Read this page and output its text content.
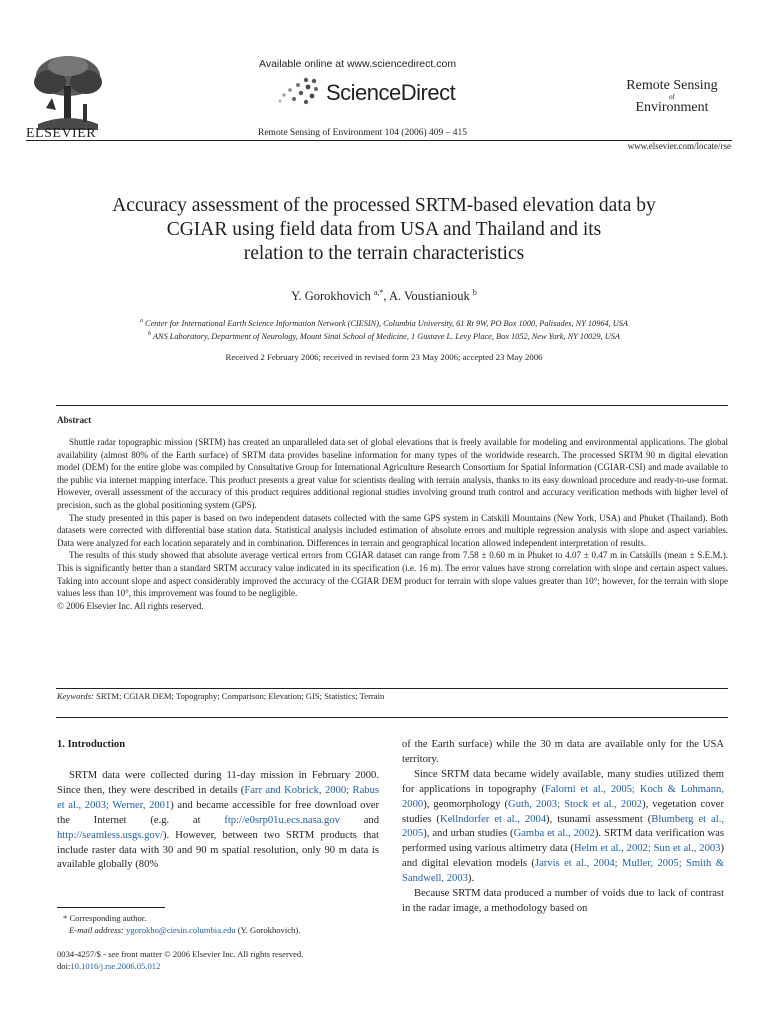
ELSEVIER
Available online at www.sciencedirect.com
ScienceDirect
Remote Sensing of Environment 104 (2006) 409 – 415
Remote Sensing
of
Environment
www.elsevier.com/locate/rse
Accuracy assessment of the processed SRTM-based elevation data by
CGIAR using field data from USA and Thailand and its
relation to the terrain characteristics
Y. Gorokhovich $^{a,*}$, A. Voustianiouk $^b$
$^a$ Center for International Earth Science Information Network (CIESIN), Columbia University, 61 Rt 9W, PO Box 1000, Palisades, NY 10964, USA
$^b$ ANS Laboratory, Department of Neurology, Mount Sinai School of Medicine, 1 Gustave L. Levy Place, Box 1052, New York, NY 10029, USA
Received 2 February 2006; received in revised form 23 May 2006; accepted 23 May 2006
Abstract

Shuttle radar topographic mission (SRTM) has created an unparalleled data set of global elevations that is freely available for modeling and environmental applications. The global availability (almost 80% of the Earth surface) of SRTM data provides baseline information for many types of the worldwide research. The processed SRTM 90 m digital elevation model (DEM) for the entire globe was compiled by Consultative Group for International Agriculture Research Consortium for Spatial Information (CGIAR-CSI) and made available to the public via internet mapping interface. This product presents a great value for scientists dealing with terrain analysis, thanks to its easy download procedure and ready-to-use format. However, overall assessment of the accuracy of this product requires additional regional studies involving ground truth control and accuracy verification methods with higher level of precision, such as the global positioning system (GPS).

The study presented in this paper is based on two independent datasets collected with the same GPS system in Catskill Mountains (New York, USA) and Phuket (Thailand). Both datasets were corrected with differential base station data. Statistical analysis included estimation of absolute errors and multiple regression analysis with slope and aspect variables. Data were analyzed for each location separately and in combination. Differences in terrain and geographical location allowed independent interpretation of results.

The results of this study showed that absolute average vertical errors from CGIAR dataset can range from 7.58 ± 0.60 m in Phuket to 4.07 ± 0.47 m in Catskills (mean ± S.E.M.). This is significantly better than a standard SRTM accuracy value indicated in its specification (i.e. 16 m). The error values have strong correlation with slope and certain aspect values. Taking into account slope and aspect considerably improved the accuracy of the CGIAR DEM product for terrain with slope values greater than 10°; however, for the terrain with slope values less than 10°, this improvement was found to be negligible.

© 2006 Elsevier Inc. All rights reserved.

Keywords: SRTM; CGIAR DEM; Topography; Comparison; Elevation; GIS; Statistics; Terrain
1. Introduction

SRTM data were collected during 11-day mission in February 2000. Since then, they were described in details (Farr and Kobrick, 2000; Rabus et al., 2003; Werner, 2001) and became accessible for free download over the Internet (e.g. at ftp://e0srp01u.ecs.nasa.gov and http://seamless.usgs.gov/). However, between two SRTM products that include raster data with 30 and 90 m spatial resolution, only 90 m data is available globally (80%

of the Earth surface) while the 30 m data are available only for the USA territory.

Since SRTM data became widely available, many studies utilized them for applications in topography (Falorni et al., 2005; Koch & Lohmann, 2000), geomorphology (Guth, 2003; Stock et al., 2002), vegetation cover studies (Kellndorfer et al., 2004), tsunami assessment (Blumberg et al., 2005), and urban studies (Gamba et al., 2002). SRTM data verification was performed using various altimetry data (Helm et al., 2002; Sun et al., 2003) and digital elevation models (Jarvis et al., 2004; Muller, 2005; Smith & Sandwell, 2003).

Because SRTM data produced a number of voids due to lack of contrast in the radar image, a methodology based on

* Corresponding author.

E-mail address: ygorokho@ciesin.columbia.edu (Y. Gorokhovich).

0034-4257/$ - see front matter © 2006 Elsevier Inc. All rights reserved.

doi:10.1016/j.rse.2006.05.012
